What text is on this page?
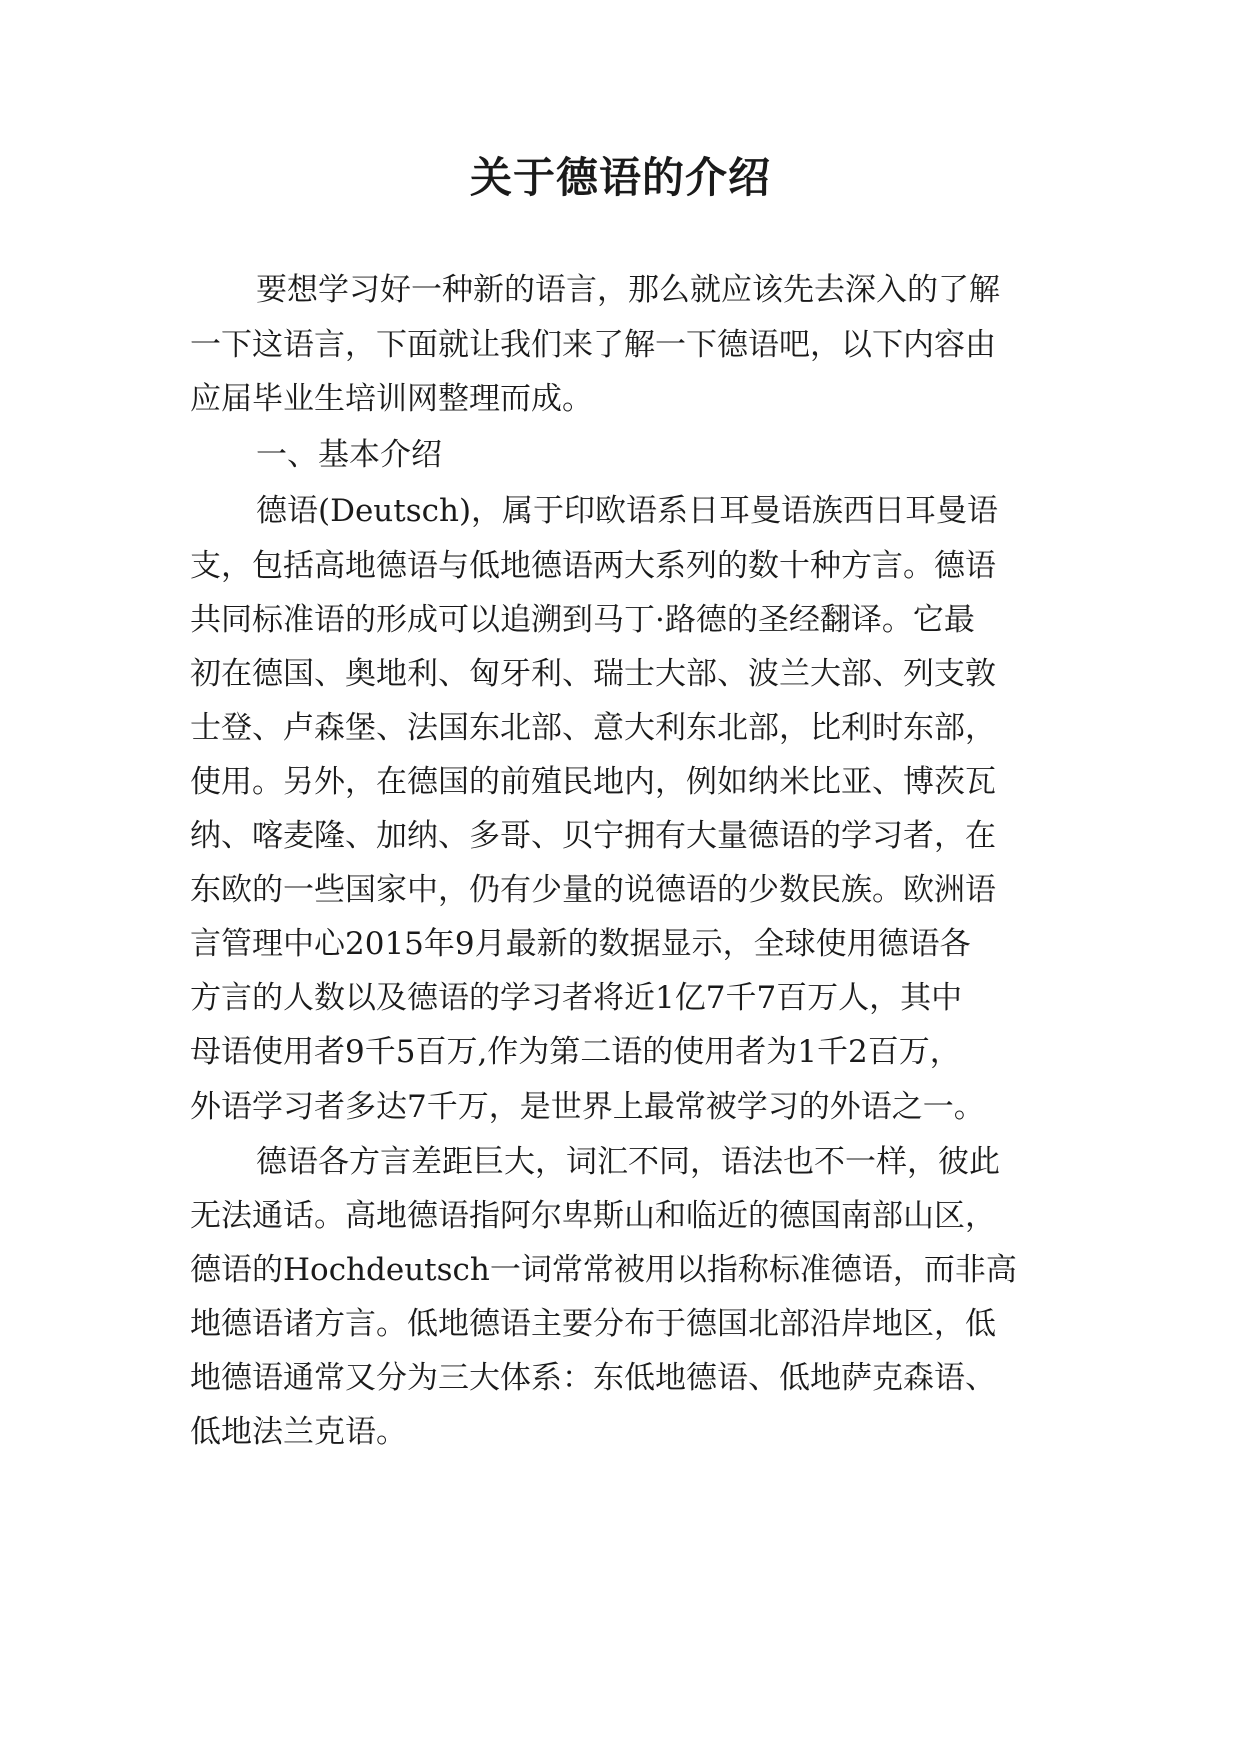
关于德语的介绍
要想学习好一种新的语言，那么就应该先去深入的了解
一下这语言，下面就让我们来了解一下德语吧，以下内容由
应届毕业生培训网整理而成。
一、基本介绍
德语(Deutsch)，属于印欧语系日耳曼语族西日耳曼语
支，包括高地德语与低地德语两大系列的数十种方言。德语
共同标准语的形成可以追溯到马丁·路德的圣经翻译。它最
初在德国、奥地利、匈牙利、瑞士大部、波兰大部、列支敦
士登、卢森堡、法国东北部、意大利东北部，比利时东部，
使用。另外，在德国的前殖民地内，例如纳米比亚、博茨瓦
纳、喀麦隆、加纳、多哥、贝宁拥有大量德语的学习者，在
东欧的一些国家中，仍有少量的说德语的少数民族。欧洲语
言管理中心2015年9月最新的数据显示，全球使用德语各
方言的人数以及德语的学习者将近1亿7千7百万人，其中
母语使用者9千5百万,作为第二语的使用者为1千2百万，
外语学习者多达7千万，是世界上最常被学习的外语之一。
德语各方言差距巨大，词汇不同，语法也不一样，彼此
无法通话。高地德语指阿尔卑斯山和临近的德国南部山区，
德语的Hochdeutsch一词常常被用以指称标准德语，而非高
地德语诸方言。低地德语主要分布于德国北部沿岸地区，低
地德语通常又分为三大体系：东低地德语、低地萨克森语、
低地法兰克语。
